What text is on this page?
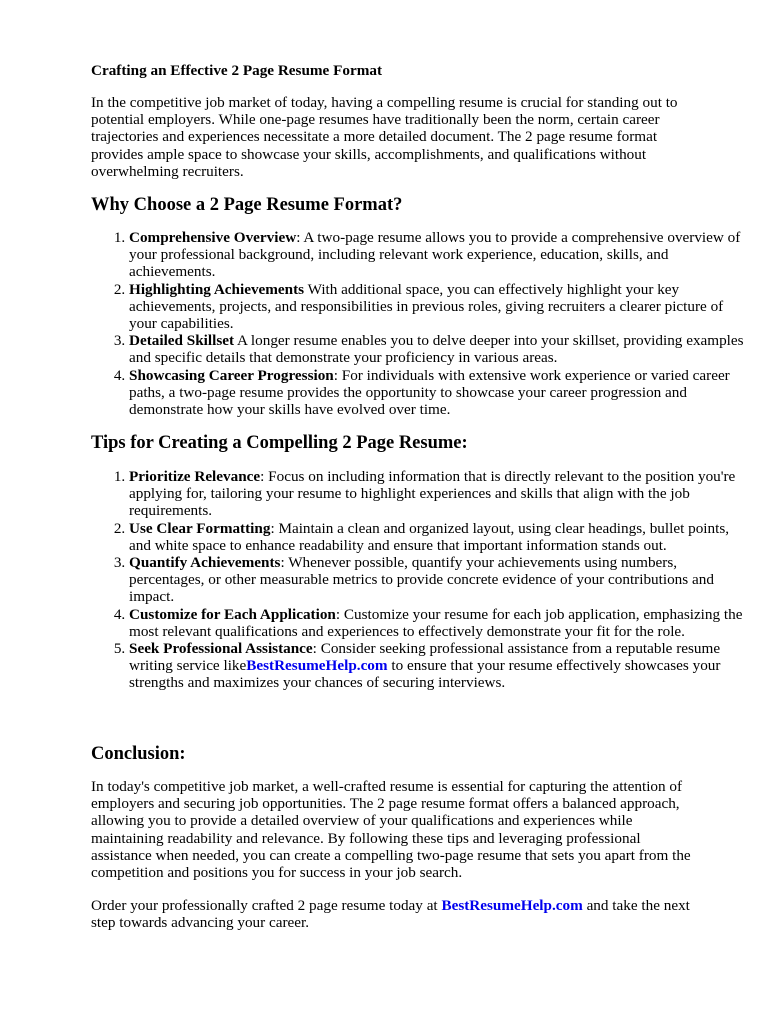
Crafting an Effective 2 Page Resume Format
In the competitive job market of today, having a compelling resume is crucial for standing out to potential employers. While one-page resumes have traditionally been the norm, certain career trajectories and experiences necessitate a more detailed document. The 2 page resume format provides ample space to showcase your skills, accomplishments, and qualifications without overwhelming recruiters.
Why Choose a 2 Page Resume Format?
1. Comprehensive Overview: A two-page resume allows you to provide a comprehensive overview of your professional background, including relevant work experience, education, skills, and achievements.
2. Highlighting Achievements With additional space, you can effectively highlight your key achievements, projects, and responsibilities in previous roles, giving recruiters a clearer picture of your capabilities.
3. Detailed Skillset A longer resume enables you to delve deeper into your skillset, providing examples and specific details that demonstrate your proficiency in various areas.
4. Showcasing Career Progression: For individuals with extensive work experience or varied career paths, a two-page resume provides the opportunity to showcase your career progression and demonstrate how your skills have evolved over time.
Tips for Creating a Compelling 2 Page Resume:
1. Prioritize Relevance: Focus on including information that is directly relevant to the position you're applying for, tailoring your resume to highlight experiences and skills that align with the job requirements.
2. Use Clear Formatting: Maintain a clean and organized layout, using clear headings, bullet points, and white space to enhance readability and ensure that important information stands out.
3. Quantify Achievements: Whenever possible, quantify your achievements using numbers, percentages, or other measurable metrics to provide concrete evidence of your contributions and impact.
4. Customize for Each Application: Customize your resume for each job application, emphasizing the most relevant qualifications and experiences to effectively demonstrate your fit for the role.
5. Seek Professional Assistance: Consider seeking professional assistance from a reputable resume writing service likeBestResumeHelp.com to ensure that your resume effectively showcases your strengths and maximizes your chances of securing interviews.
Conclusion:
In today's competitive job market, a well-crafted resume is essential for capturing the attention of employers and securing job opportunities. The 2 page resume format offers a balanced approach, allowing you to provide a detailed overview of your qualifications and experiences while maintaining readability and relevance. By following these tips and leveraging professional assistance when needed, you can create a compelling two-page resume that sets you apart from the competition and positions you for success in your job search.
Order your professionally crafted 2 page resume today at BestResumeHelp.com and take the next step towards advancing your career.
